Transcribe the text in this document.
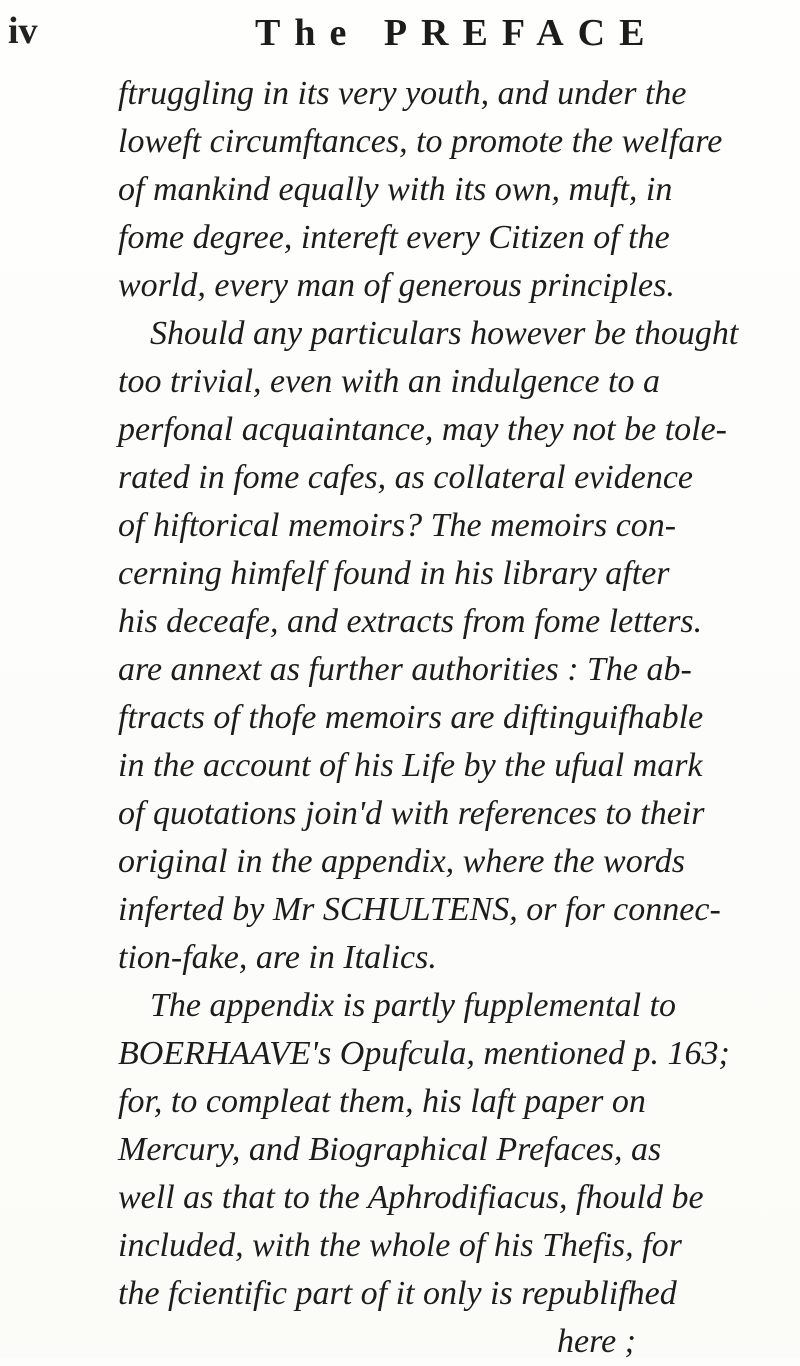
iv	The PREFACE
ftruggling in its very youth, and under the
loweft circumftances, to promote the welfare
of mankind equally with its own, muft, in
fome degree, intereft every Citizen of the
world, every man of generous principles.
Should any particulars however be thought
too trivial, even with an indulgence to a
perfonal acquaintance, may they not be tole-
rated in fome cafes, as collateral evidence
of hiftorical memoirs? The memoirs con-
cerning himfelf found in his library after
his deceafe, and extracts from fome letters.
are annext as further authorities : The ab-
ftracts of thofe memoirs are diftinguifhable
in the account of his Life by the ufual mark
of quotations join'd with references to their
original in the appendix, where the words
inferted by Mr SCHULTENS, or for connec-
tion-fake, are in Italics.
The appendix is partly fupplemental to
BOERHAAVE's Opufcula, mentioned p. 163;
for, to compleat them, his laft paper on
Mercury, and Biographical Prefaces, as
well as that to the Aphrodifiacus, fhould be
included, with the whole of his Thefis, for
the fcientific part of it only is republifhed
here ;
